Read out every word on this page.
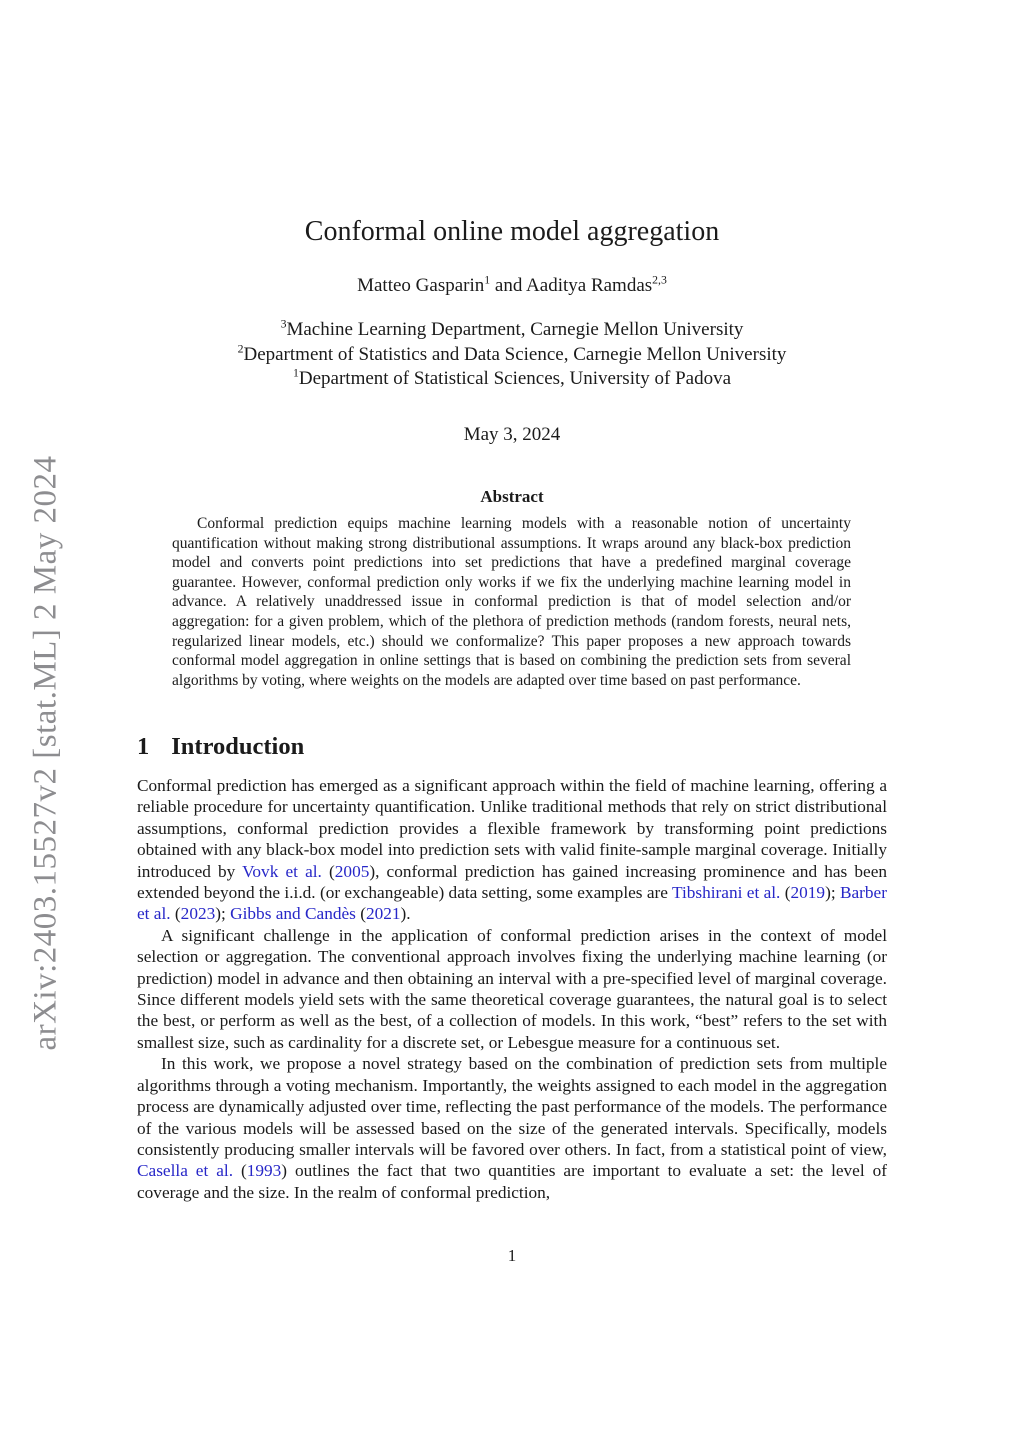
arXiv:2403.15527v2 [stat.ML] 2 May 2024
Conformal online model aggregation
Matteo Gasparin$^1$ and Aaditya Ramdas$^{2,3}$
$^3$Machine Learning Department, Carnegie Mellon University
$^2$Department of Statistics and Data Science, Carnegie Mellon University
$^1$Department of Statistical Sciences, University of Padova
May 3, 2024
Abstract
Conformal prediction equips machine learning models with a reasonable notion of uncertainty quantification without making strong distributional assumptions. It wraps around any black-box prediction model and converts point predictions into set predictions that have a predefined marginal coverage guarantee. However, conformal prediction only works if we fix the underlying machine learning model in advance. A relatively unaddressed issue in conformal prediction is that of model selection and/or aggregation: for a given problem, which of the plethora of prediction methods (random forests, neural nets, regularized linear models, etc.) should we conformalize? This paper proposes a new approach towards conformal model aggregation in online settings that is based on combining the prediction sets from several algorithms by voting, where weights on the models are adapted over time based on past performance.
1 Introduction

Conformal prediction has emerged as a significant approach within the field of machine learning, offering a reliable procedure for uncertainty quantification. Unlike traditional methods that rely on strict distributional assumptions, conformal prediction provides a flexible framework by transforming point predictions obtained with any black-box model into prediction sets with valid finite-sample marginal coverage. Initially introduced by Vovk et al. (2005), conformal prediction has gained increasing prominence and has been extended beyond the i.i.d. (or exchangeable) data setting, some examples are Tibshirani et al. (2019); Barber et al. (2023); Gibbs and Candès (2021).

A significant challenge in the application of conformal prediction arises in the context of model selection or aggregation. The conventional approach involves fixing the underlying machine learning (or prediction) model in advance and then obtaining an interval with a pre-specified level of marginal coverage. Since different models yield sets with the same theoretical coverage guarantees, the natural goal is to select the best, or perform as well as the best, of a collection of models. In this work, “best” refers to the set with smallest size, such as cardinality for a discrete set, or Lebesgue measure for a continuous set.

In this work, we propose a novel strategy based on the combination of prediction sets from multiple algorithms through a voting mechanism. Importantly, the weights assigned to each model in the aggregation process are dynamically adjusted over time, reflecting the past performance of the models. The performance of the various models will be assessed based on the size of the generated intervals. Specifically, models consistently producing smaller intervals will be favored over others. In fact, from a statistical point of view, Casella et al. (1993) outlines the fact that two quantities are important to evaluate a set: the level of coverage and the size. In the realm of conformal prediction,

1
